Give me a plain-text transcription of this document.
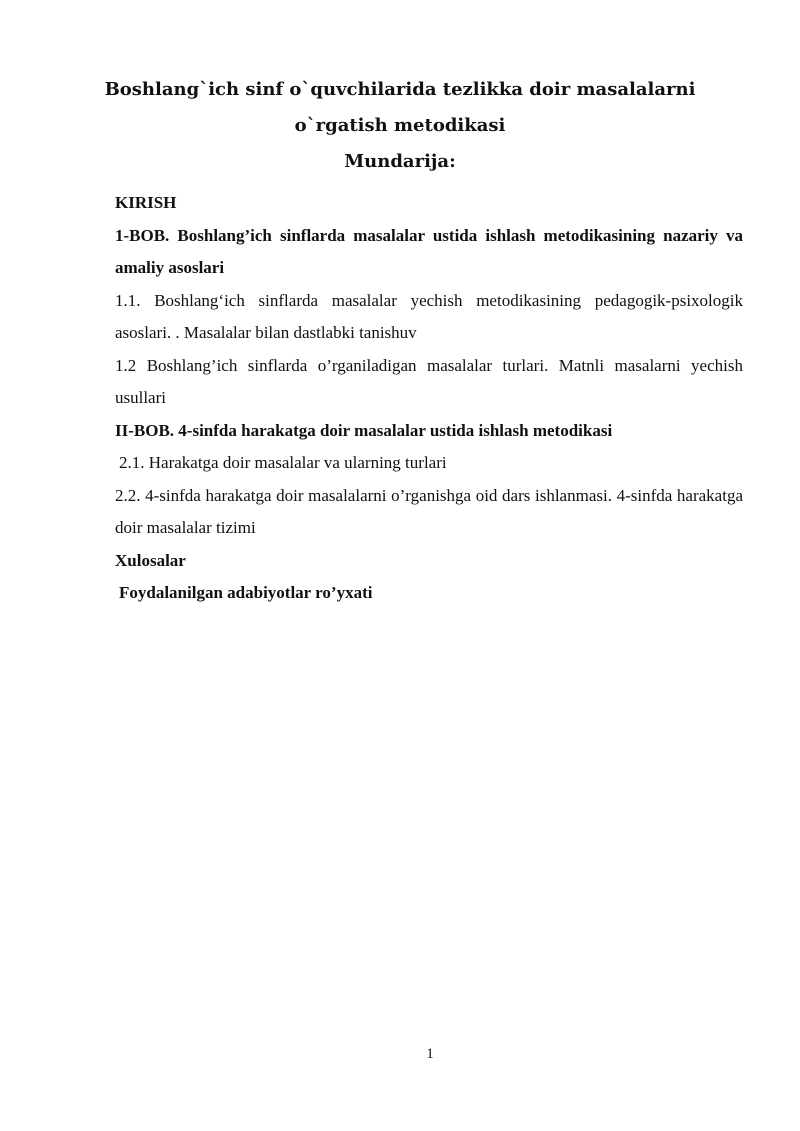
Boshlang`ich sinf o`quvchilarida tezlikka doir masalalarni
o`rgatish metodikasi
Mundarija:

KIRISH

1-BOB. Boshlang’ich sinflarda masalalar ustida ishlash metodikasining nazariy va amaliy asoslari

1.1. Boshlang‘ich sinflarda masalalar yechish metodikasining pedagogik-psixologik asoslari. . Masalalar bilan dastlabki tanishuv

1.2 Boshlang’ich sinflarda o’rganiladigan masalalar turlari. Matnli masalarni yechish usullari

II-BOB. 4-sinfda harakatga doir masalalar ustida ishlash metodikasi

2.1. Harakatga doir masalalar va ularning turlari

2.2. 4-sinfda harakatga doir masalalarni o’rganishga oid dars ishlanmasi. 4-sinfda harakatga doir masalalar tizimi

Xulosalar

Foydalanilgan adabiyotlar ro’yxati

1
